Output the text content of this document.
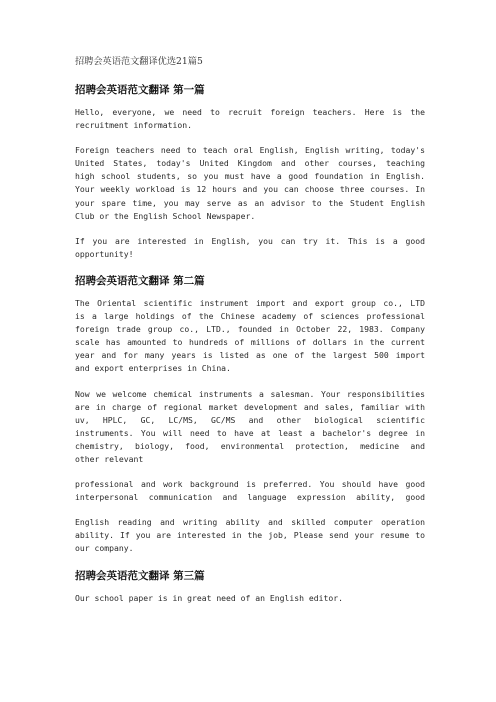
招聘会英语范文翻译优选21篇5
招聘会英语范文翻译 第一篇
Hello, everyone, we need to recruit foreign teachers. Here is the
recruitment information.
Foreign teachers need to teach oral English, English writing, today's
United States, today's United Kingdom and other courses, teaching
high school students, so you must have a good foundation in English.
Your weekly workload is 12 hours and you can choose three courses. In
your spare time, you may serve as an advisor to the Student English
Club or the English School Newspaper.
If you are interested in English, you can try it. This is a good
opportunity!
招聘会英语范文翻译 第二篇
The Oriental scientific instrument import and export group co., LTD
is a large holdings of the Chinese academy of sciences professional
foreign trade group co., LTD., founded in October 22, 1983. Company
scale has amounted to hundreds of millions of dollars in the current
year and for many years is listed as one of the largest 500 import
and export enterprises in China.
Now we welcome chemical instruments a salesman. Your responsibilities
are in charge of regional market development and sales, familiar with
uv, HPLC, GC, LC/MS, GC/MS and other biological scientific
instruments. You will need to have at least a bachelor's degree in
chemistry, biology, food, environmental protection, medicine and
other relevant
professional and work background is preferred. You should have good
interpersonal communication and language expression ability, good
English reading and writing ability and skilled computer operation
ability. If you are interested in the job, Please send your resume to
our company.
招聘会英语范文翻译 第三篇
Our school paper is in great need of an English editor.
